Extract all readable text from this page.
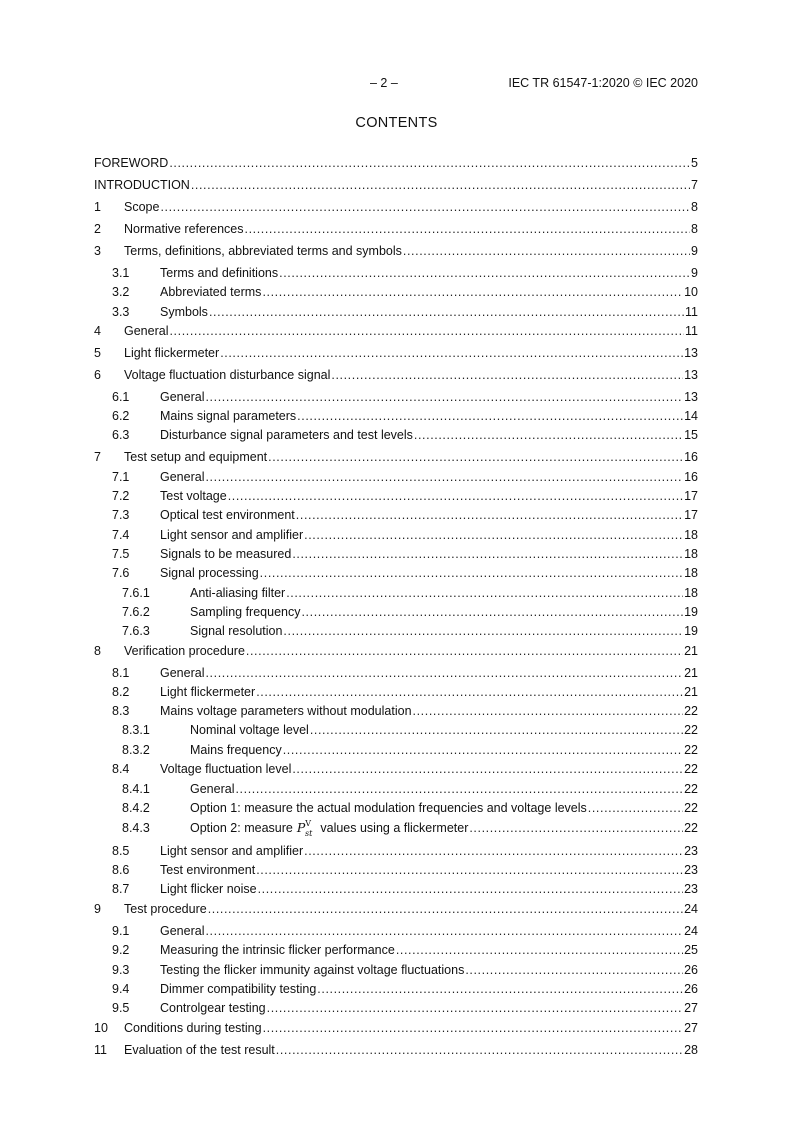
– 2 –	IEC TR 61547-1:2020 © IEC 2020
CONTENTS
FOREWORD .....	5
INTRODUCTION .....	7
1	Scope .....	8
2	Normative references .....	8
3	Terms, definitions, abbreviated terms and symbols .....	9
3.1	Terms and definitions .....	9
3.2	Abbreviated terms .....	10
3.3	Symbols .....	11
4	General .....	11
5	Light flickermeter .....	13
6	Voltage fluctuation disturbance signal .....	13
6.1	General .....	13
6.2	Mains signal parameters .....	14
6.3	Disturbance signal parameters and test levels .....	15
7	Test setup and equipment .....	16
7.1	General .....	16
7.2	Test voltage .....	17
7.3	Optical test environment .....	17
7.4	Light sensor and amplifier .....	18
7.5	Signals to be measured .....	18
7.6	Signal processing .....	18
7.6.1	Anti-aliasing filter .....	18
7.6.2	Sampling frequency .....	19
7.6.3	Signal resolution .....	19
8	Verification procedure .....	21
8.1	General .....	21
8.2	Light flickermeter .....	21
8.3	Mains voltage parameters without modulation .....	22
8.3.1	Nominal voltage level .....	22
8.3.2	Mains frequency .....	22
8.4	Voltage fluctuation level .....	22
8.4.1	General .....	22
8.4.2	Option 1: measure the actual modulation frequencies and voltage levels .....	22
8.4.3	Option 2: measure $P^V_{st}$ values using a flickermeter .....	22
8.5	Light sensor and amplifier .....	23
8.6	Test environment .....	23
8.7	Light flicker noise .....	23
9	Test procedure .....	24
9.1	General .....	24
9.2	Measuring the intrinsic flicker performance .....	25
9.3	Testing the flicker immunity against voltage fluctuations .....	26
9.4	Dimmer compatibility testing .....	26
9.5	Controlgear testing .....	27
10	Conditions during testing .....	27
11	Evaluation of the test result .....	28
